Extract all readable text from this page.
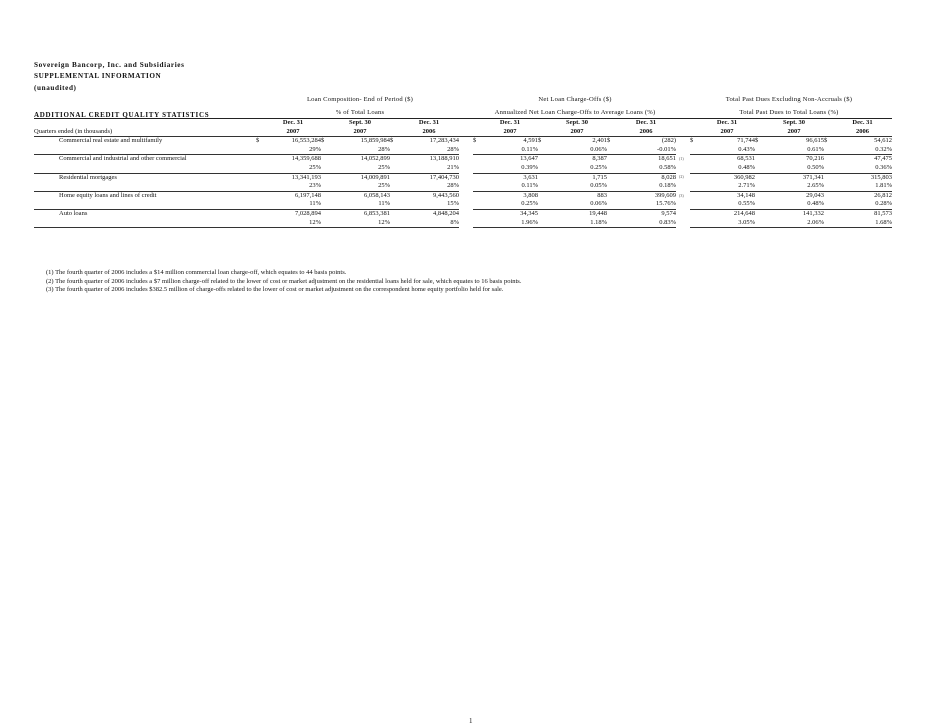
Sovereign Bancorp, Inc. and Subsidiaries
SUPPLEMENTAL INFORMATION
(unaudited)
Loan Composition- End of Period ($)	Net Loan Charge-Offs ($)	Total Past Dues Excluding Non-Accruals ($)
% of Total Loans	Annualized Net Loan Charge-Offs to Average Loans (%)	Total Past Dues to Total Loans (%)
ADDITIONAL CREDIT QUALITY STATISTICS
		Dec. 31		Sept. 30		Dec. 31			Dec. 31		Sept. 30		Dec. 31			Dec. 31		Sept. 30		Dec. 31
Quarters ended (in thousands)		2007		2007		2006			2007		2007		2006			2007		2007		2006
Commercial real estate and multifamily	$	16,553,284	$	15,859,984	$	17,283,434		$	4,591	$	2,401	$	(282)		$	71,744	$	96,615	$	54,612
		29%		28%		28%			0.11%		0.06%		-0.01%			0.43%		0.61%		0.32%
Commercial and industrial and other commercial		14,359,688		14,052,899		13,188,910			13,647		8,387		18,651	(1)		68,531		70,216		47,475
		25%		25%		21%			0.39%		0.25%		0.58%			0.48%		0.50%		0.36%
Residential mortgages		13,341,193		14,009,891		17,404,730			3,631		1,715		8,028	(2)		360,982		371,341		315,803
		23%		25%		28%			0.11%		0.05%		0.18%			2.71%		2.65%		1.81%
Home equity loans and lines of credit		6,197,148		6,058,143		9,443,560			3,808		883		399,609	(3)		34,148		29,043		26,812
		11%		11%		15%			0.25%		0.06%		15.76%			0.55%		0.48%		0.28%
Auto loans		7,028,894		6,853,381		4,848,204			34,345		19,448		9,574			214,648		141,332		81,573
		12%		12%		8%			1.96%		1.18%		0.83%			3.05%		2.06%		1.68%
(1) The fourth quarter of 2006 includes a $14 million commercial loan charge-off, which equates to 44 basis points.
(2) The fourth quarter of 2006 includes a $7 million charge-off related to the lower of cost or market adjustment on the residential loans held for sale, which equates to 16 basis points.
(3) The fourth quarter of 2006 includes $382.5 million of charge-offs related to the lower of cost or market adjustment on the correspondent home equity portfolio held for sale.
1
